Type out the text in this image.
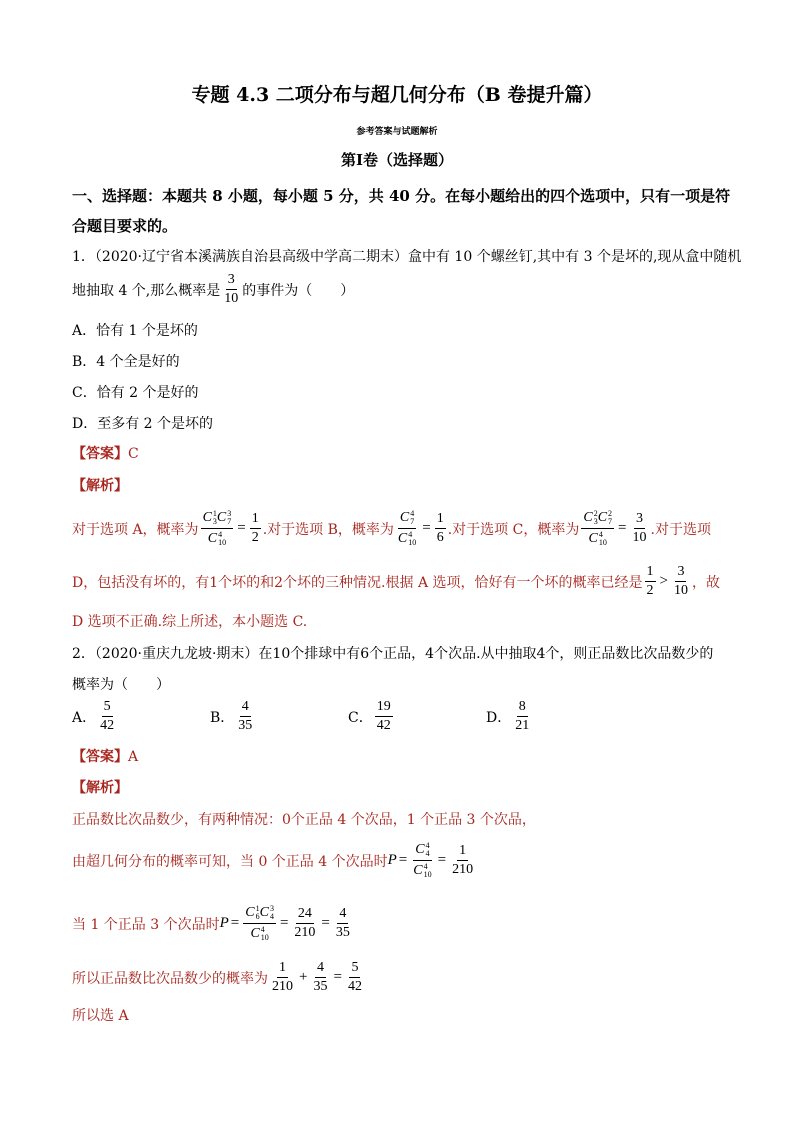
专题 4.3 二项分布与超几何分布（B 卷提升篇）
参考答案与试题解析
第Ⅰ卷（选择题）
一、选择题：本题共 8 小题，每小题 5 分，共 40 分。在每小题给出的四个选项中，只有一项是符合题目要求的。
1．（2020·辽宁省本溪满族自治县高级中学高二期末）盒中有 10 个螺丝钉,其中有 3 个是坏的,现从盒中随机
地抽取 4 个,那么概率是 $\frac{3}{10}$ 的事件为（　　）
A．恰有 1 个是坏的
B．4 个全是好的
C．恰有 2 个是好的
D．至多有 2 个是坏的
【答案】C
【解析】
对于选项 A，概率为 C 1
3 C 3
7
C 4
$10 = \frac{1}{2}$ .对于选项 B，概率为 C 4
7
C 4
$10 = \frac{1}{6}$ .对于选项 C，概率为 C 2
3 C 2
7
C 4
$10 = \frac{3}{10}$ .对于选项
D，包括没有坏的，有1个坏的和2个坏的三种情况.根据 A 选项，恰好有一个坏的概率已经是 $\frac{1}{2} > \frac{3}{10}$ ，故
D 选项不正确.综上所述，本小题选 C.
2．（2020·重庆九龙坡·期末）在10个排球中有6个正品，4个次品.从中抽取4个，则正品数比次品数少的
概率为（　　）
A． $\frac{5}{42}$	B． $\frac{4}{35}$	C． $\frac{19}{42}$	D． $\frac{8}{21}$
【答案】A
【解析】
正品数比次品数少，有两种情况：0个正品 4 个次品，1 个正品 3 个次品，
由超几何分布的概率可知，当 0 个正品 4 个次品时 P = C 4
4
C 4
$10 = \frac{1}{210}$
当 1 个正品 3 个次品时 P = C 1
6 C 3
4
C 4
$10 = \frac{24}{210} = \frac{4}{35}$
所以正品数比次品数少的概率为 $\frac{1}{210} + \frac{4}{35} = \frac{5}{42}$
所以选 A
